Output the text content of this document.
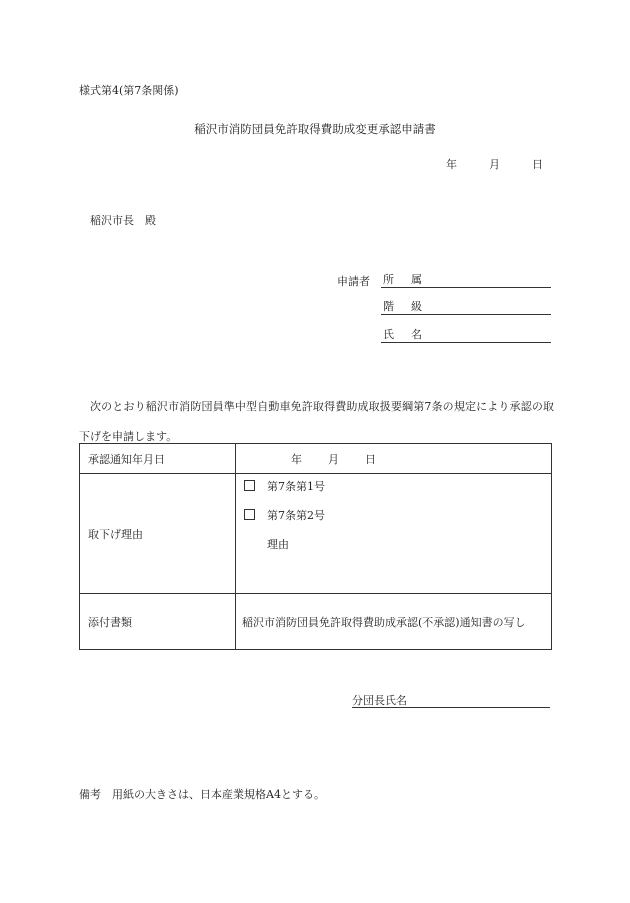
様式第4(第7条関係)
稲沢市消防団員免許取得費助成変更承認申請書
年	月	日
稲沢市長　殿
申請者 所 属
階 級
氏 名
次のとおり稲沢市消防団員準中型自動車免許取得費助成取扱要綱第7条の規定により承認の取下げを申請します。
承認通知年月日	年 月 日
取下げ理由	第7条第1号
第7条第2号
理由

添付書類	稲沢市消防団員免許取得費助成承認(不承認)通知書の写し
分団長氏名
備考　用紙の大きさは、日本産業規格A4とする。
